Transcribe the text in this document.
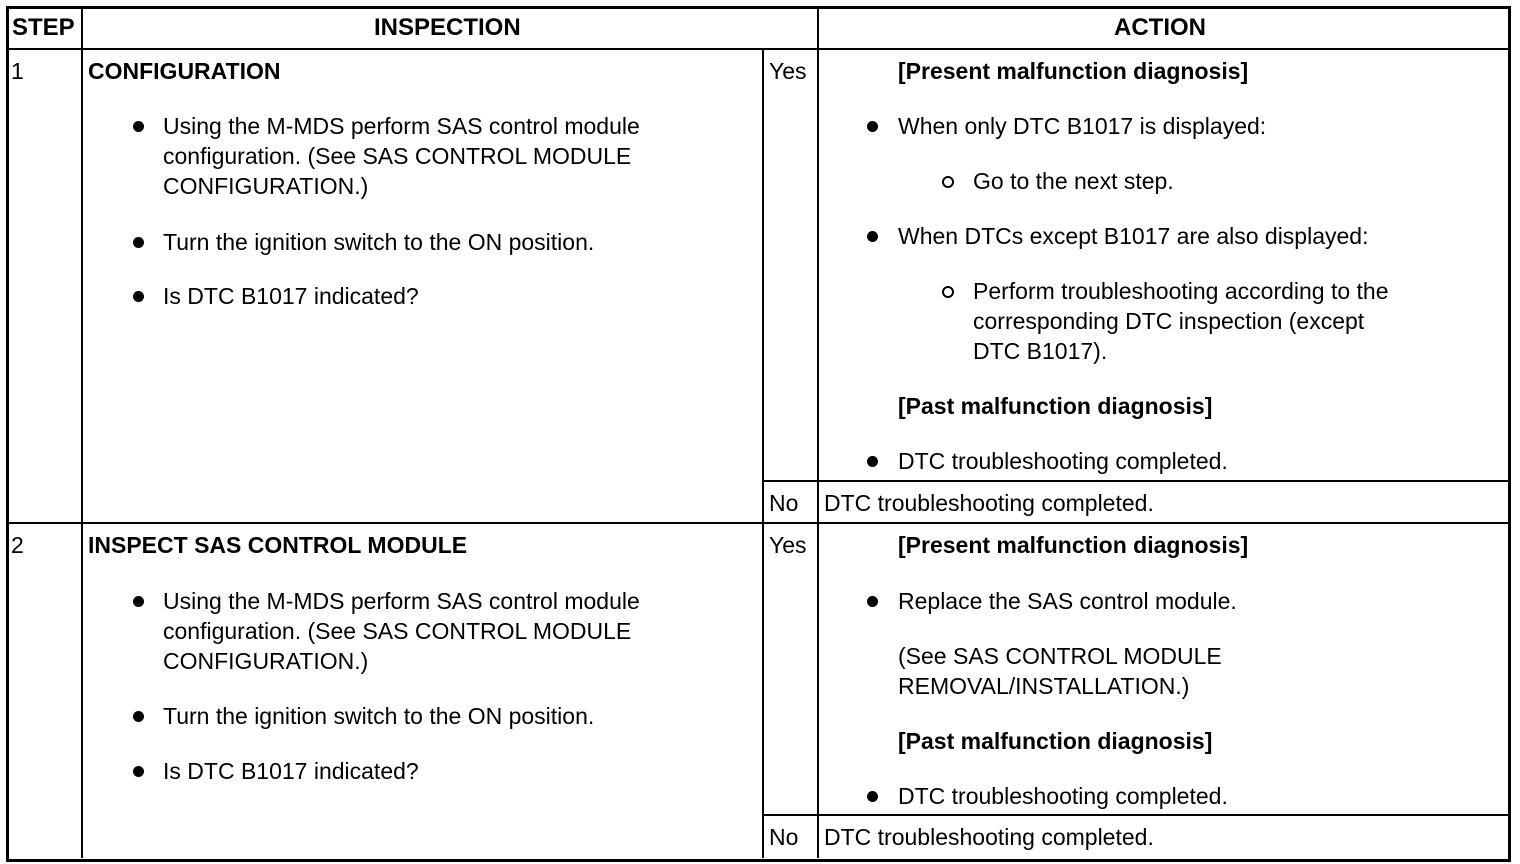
STEP	INSPECTION	ACTION
1	CONFIGURATION
Using the M-MDS perform SAS control module
configuration. (See SAS CONTROL MODULE
CONFIGURATION.)
Turn the ignition switch to the ON position.
Is DTC B1017 indicated?
Yes	[Present malfunction diagnosis]
When only DTC B1017 is displayed:
Go to the next step.
When DTCs except B1017 are also displayed:
Perform troubleshooting according to the
corresponding DTC inspection (except
DTC B1017).
[Past malfunction diagnosis]
DTC troubleshooting completed.
No DTC troubleshooting completed.
2	INSPECT SAS CONTROL MODULE
Using the M-MDS perform SAS control module
configuration. (See SAS CONTROL MODULE
CONFIGURATION.)
Turn the ignition switch to the ON position.
Is DTC B1017 indicated?
Yes	[Present malfunction diagnosis]
Replace the SAS control module.
(See SAS CONTROL MODULE
REMOVAL/INSTALLATION.)
[Past malfunction diagnosis]
DTC troubleshooting completed.
No DTC troubleshooting completed.
